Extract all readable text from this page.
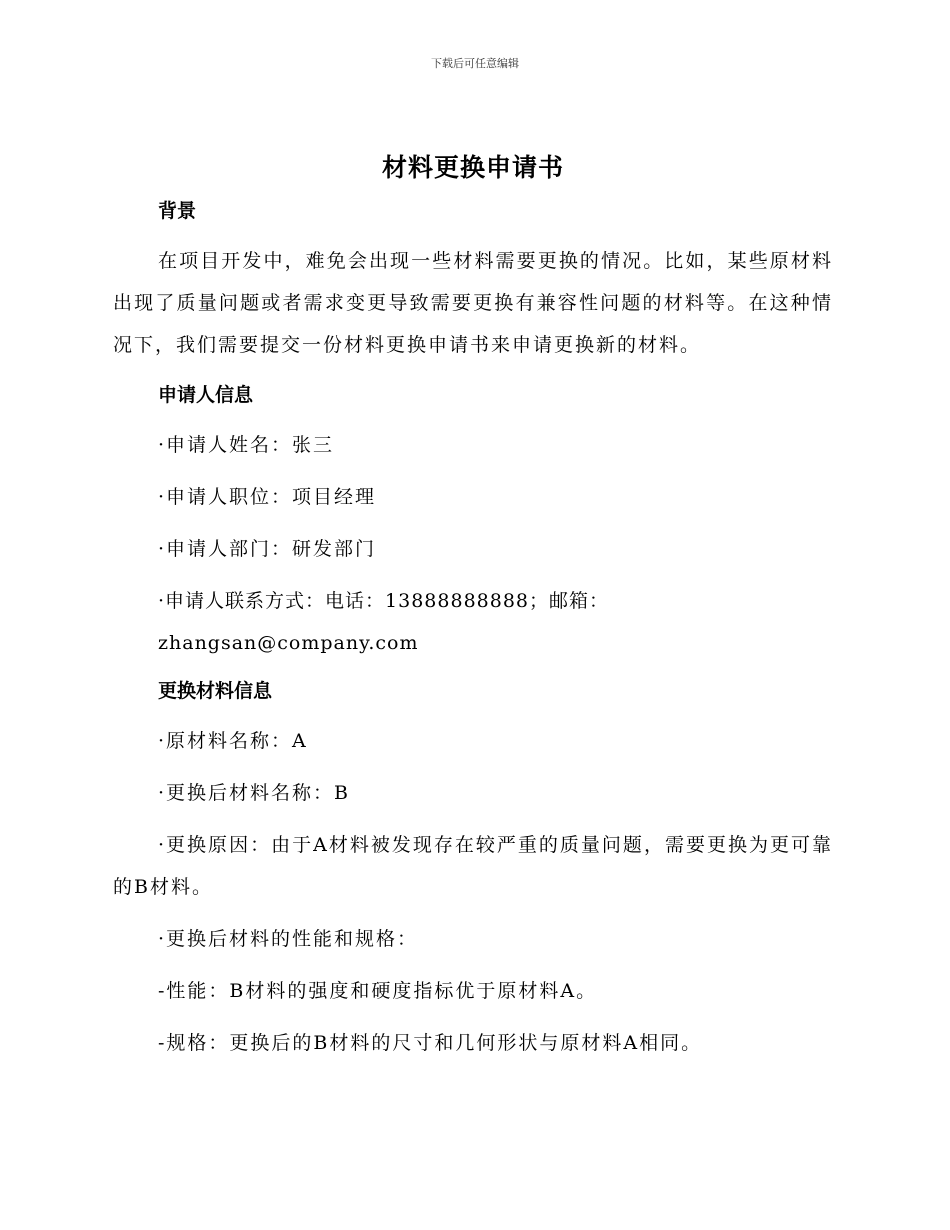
下载后可任意编辑
材料更换申请书
背景

在项目开发中，难免会出现一些材料需要更换的情况。比如，某些原材料出现了质量问题或者需求变更导致需要更换有兼容性问题的材料等。在这种情况下，我们需要提交一份材料更换申请书来申请更换新的材料。

申请人信息
·申请人姓名：张三
·申请人职位：项目经理
·申请人部门：研发部门
·申请人联系方式：电话：13888888888；邮箱：zhangsan@company.com
更换材料信息
·原材料名称：A
·更换后材料名称：B
·更换原因：由于A材料被发现存在较严重的质量问题，需要更换为更可靠的B材料。
·更换后材料的性能和规格：
-性能：B材料的强度和硬度指标优于原材料A。
-规格：更换后的B材料的尺寸和几何形状与原材料A相同。
